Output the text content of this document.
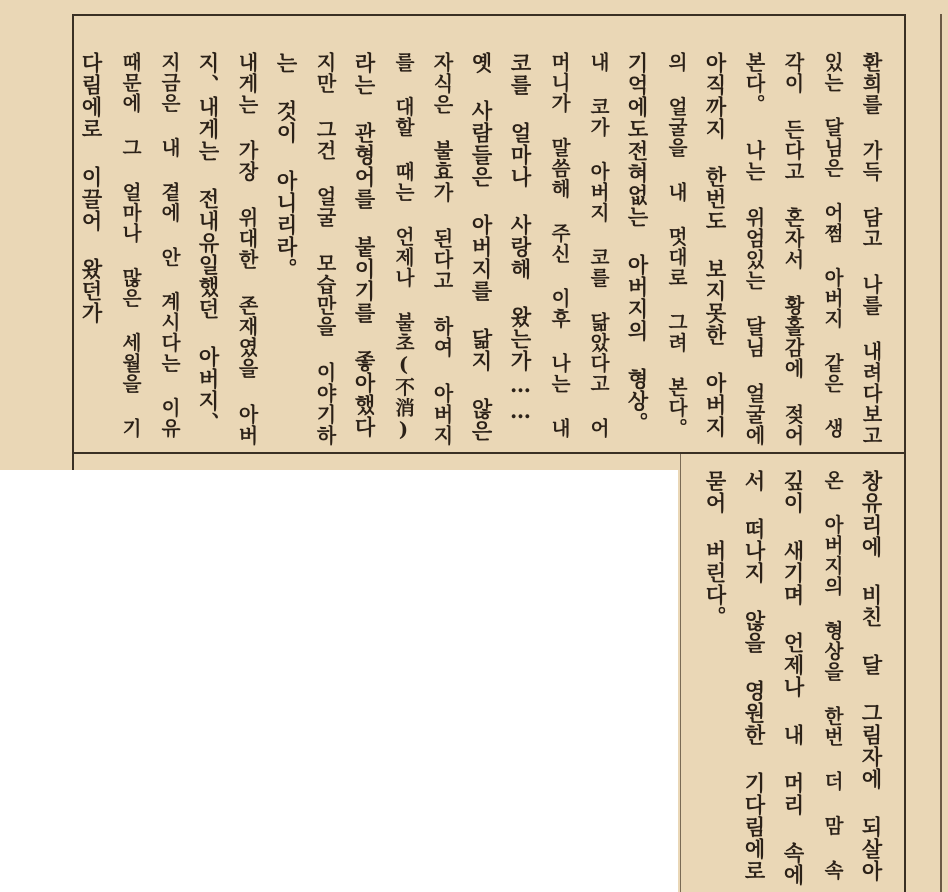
환희를 가득 담고 나를 내려다보고
있는 달님은 어쩜 아버지 같은 생
각이 든다고 혼자서 황홀감에 젖어
본다。 나는 위엄있는 달님 얼굴에
아직까지 한번도 보지못한 아버지
의 얼굴을 내 멋대로 그려 본다。
기억에도전혀없는 아버지의 형상。
내 코가 아버지 코를 닮았다고 어
머니가 말씀해 주신 이후 나는 내
코를 얼마나 사랑해 왔는가……
옛 사람들은 아버지를 닮지 않은
자식은 불효가 된다고 하여 아버지
를 대할 때는 언제나 불초(不消)
라는 관형어를 붙이기를 좋아했다
지만 그건 얼굴 모습만을 이야기하
는 것이 아니리라。
내게는 가장 위대한 존재였을 아버
지、내게는 전내유일했던 아버지、
지금은 내 곁에 안 계시다는 이유
때문에 그 얼마나 많은 세월을 기
다림에로 이끌어 왔던가
창유리에 비친 달 그림자에 되살아
온 아버지의 형상을 한번 더 맘 속
깊이 새기며 언제나 내 머리 속에
서 떠나지 않을 영원한 기다림에로
묻어 버린다。
